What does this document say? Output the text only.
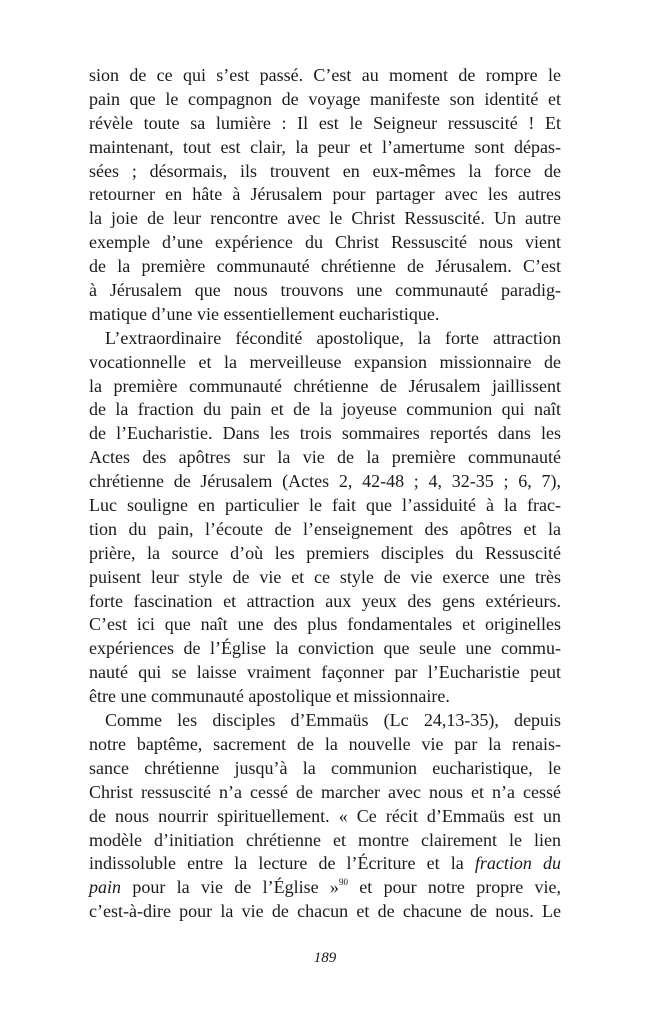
sion de ce qui s’est passé. C’est au moment de rompre le
pain que le compagnon de voyage manifeste son identité et
révèle toute sa lumière : Il est le Seigneur ressuscité ! Et
maintenant, tout est clair, la peur et l’amertume sont dépas-
sées ; désormais, ils trouvent en eux-mêmes la force de
retourner en hâte à Jérusalem pour partager avec les autres
la joie de leur rencontre avec le Christ Ressuscité. Un autre
exemple d’une expérience du Christ Ressuscité nous vient
de la première communauté chrétienne de Jérusalem. C’est
à Jérusalem que nous trouvons une communauté paradig-
matique d’une vie essentiellement eucharistique.
L’extraordinaire fécondité apostolique, la forte attraction
vocationnelle et la merveilleuse expansion missionnaire de
la première communauté chrétienne de Jérusalem jaillissent
de la fraction du pain et de la joyeuse communion qui naît
de l’Eucharistie. Dans les trois sommaires reportés dans les
Actes des apôtres sur la vie de la première communauté
chrétienne de Jérusalem (Actes 2, 42-48 ; 4, 32-35 ; 6, 7),
Luc souligne en particulier le fait que l’assiduité à la frac-
tion du pain, l’écoute de l’enseignement des apôtres et la
prière, la source d’où les premiers disciples du Ressuscité
puisent leur style de vie et ce style de vie exerce une très
forte fascination et attraction aux yeux des gens extérieurs.
C’est ici que naît une des plus fondamentales et originelles
expériences de l’Église la conviction que seule une commu-
nauté qui se laisse vraiment façonner par l’Eucharistie peut
être une communauté apostolique et missionnaire.
Comme les disciples d’Emmaüs (Lc 24,13-35), depuis
notre baptême, sacrement de la nouvelle vie par la renais-
sance chrétienne jusqu’à la communion eucharistique, le
Christ ressuscité n’a cessé de marcher avec nous et n’a cessé
de nous nourrir spirituellement. « Ce récit d’Emmaüs est un
modèle d’initiation chrétienne et montre clairement le lien
indissoluble entre la lecture de l’Écriture et la fraction du
pain pour la vie de l’Église »$^{90}$ et pour notre propre vie,
c’est-à-dire pour la vie de chacun et de chacune de nous. Le
189
